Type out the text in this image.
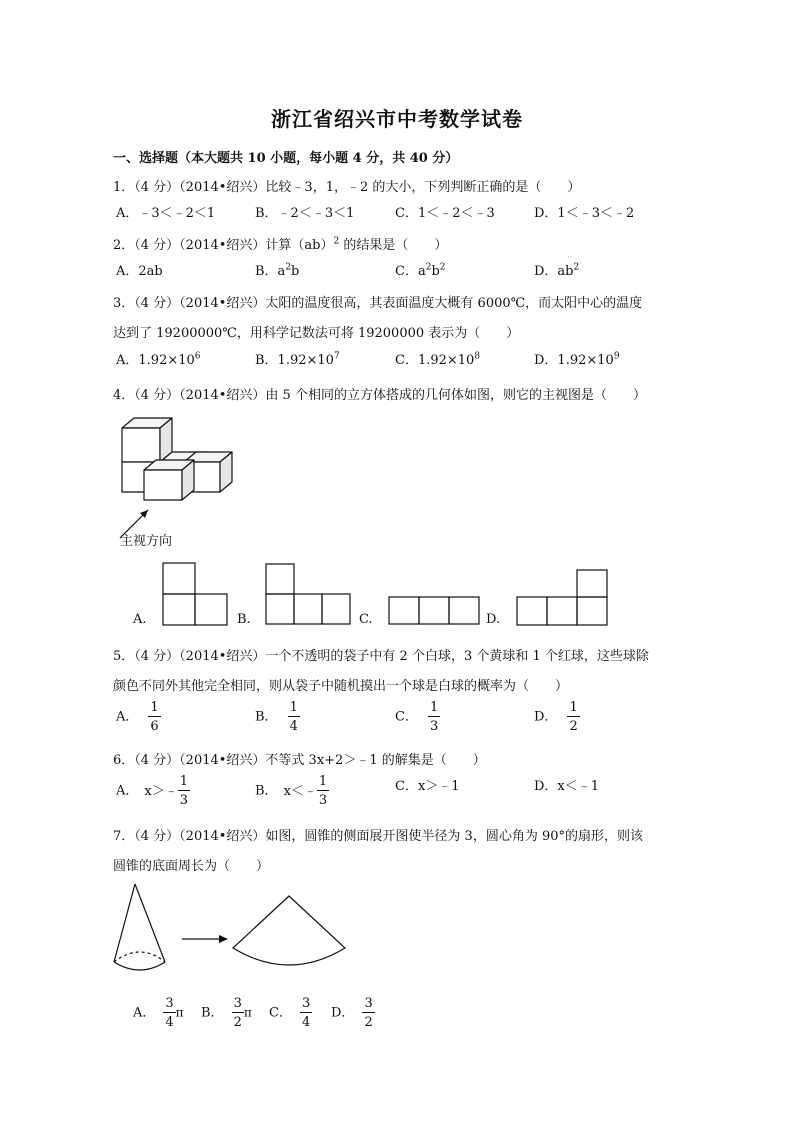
浙江省绍兴市中考数学试卷
一、选择题（本大题共 10 小题，每小题 4 分，共 40 分）
1．（4 分）（2014•绍兴）比较﹣3，1，﹣2 的大小，下列判断正确的是（　　）
A．﹣3＜﹣2＜1	B．﹣2＜﹣3＜1	C．1＜﹣2＜﹣3	D．1＜﹣3＜﹣2
2．（4 分）（2014•绍兴）计算（ab）$^2$ 的结果是（　　）
A．2ab	B．$a^2b$	C．$a^2b^2$	D．$ab^2$
3．（4 分）（2014•绍兴）太阳的温度很高，其表面温度大概有 6000℃，而太阳中心的温度
达到了 19200000℃，用科学记数法可将 19200000 表示为（　　）
A．$1.92\times 10^6$	B．$1.92\times 10^7$	C．$1.92\times 10^8$	D．$1.92\times 10^9$
4．（4 分）（2014•绍兴）由 5 个相同的立方体搭成的几何体如图，则它的主视图是（　　）
主视方向
A.	B.	C.	D.
5．（4 分）（2014•绍兴）一个不透明的袋子中有 2 个白球，3 个黄球和 1 个红球，这些球除
颜色不同外其他完全相同，则从袋子中随机摸出一个球是白球的概率为（　　）
A． $\frac{1}{6}$	B． $\frac{1}{4}$	C． $\frac{1}{3}$	D． $\frac{1}{2}$
6．（4 分）（2014•绍兴）不等式 3x+2＞﹣1 的解集是（　　）
A． x＞﹣ $\frac{1}{3}$	B． x＜﹣ $\frac{1}{3}$	C．x＞﹣1	D．x＜﹣1
7．（4 分）（2014•绍兴）如图，圆锥的侧面展开图使半径为 3，圆心角为 90°的扇形，则该
圆锥的底面周长为（　　）
A． $\frac{3}{4}$ π B． $\frac{3}{2}$ π C． $\frac{3}{4}$ D． $\frac{3}{2}$
